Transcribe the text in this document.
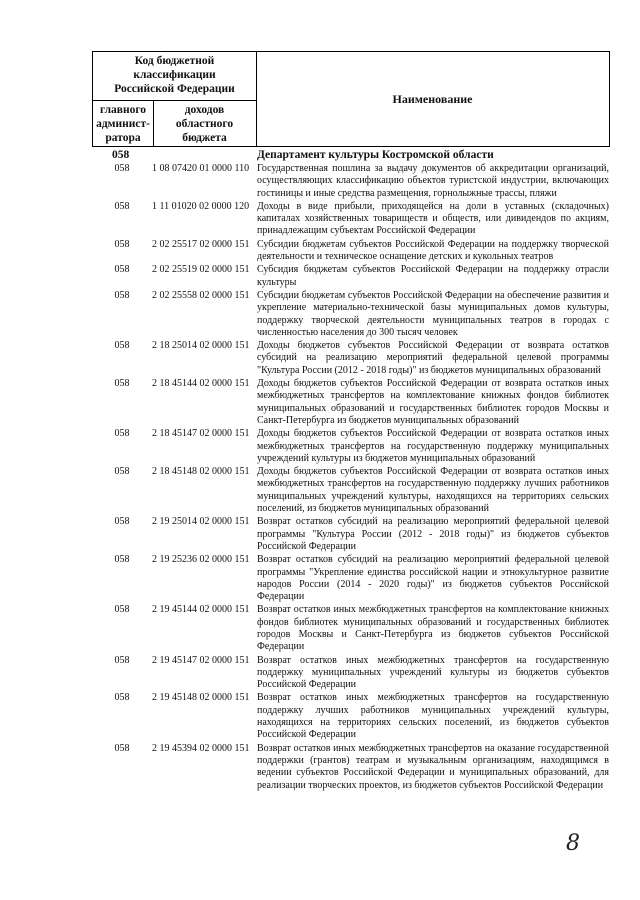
Код бюджетной
классификации
Российской Федерации
главного
админист-
ратора
доходов
областного
бюджета
Наименование
058	Департамент культуры Костромской области
058	1 08 07420 01 0000 110 Государственная пошлина за выдачу документов об аккредитации организаций, осуществляющих классификацию объектов туристской индустрии, включающих гостиницы и иные средства размещения, горнолыжные трассы, пляжи
058	1 11 01020 02 0000 120 Доходы в виде прибыли, приходящейся на доли в уставных (складочных) капиталах хозяйственных товариществ и обществ, или дивидендов по акциям, принадлежащим субъектам Российской Федерации
058	2 02 25517 02 0000 151 Субсидии бюджетам субъектов Российской Федерации на поддержку творческой деятельности и техническое оснащение детских и кукольных театров
058	2 02 25519 02 0000 151 Субсидия бюджетам субъектов Российской Федерации на поддержку отрасли культуры
058	2 02 25558 02 0000 151 Субсидии бюджетам субъектов Российской Федерации на обеспечение развития и укрепление материально-технической базы муниципальных домов культуры, поддержку творческой деятельности муниципальных театров в городах с численностью населения до 300 тысяч человек
058	2 18 25014 02 0000 151 Доходы бюджетов субъектов Российской Федерации от возврата остатков субсидий на реализацию мероприятий федеральной целевой программы "Культура России (2012 - 2018 годы)" из бюджетов муниципальных образований
058	2 18 45144 02 0000 151 Доходы бюджетов субъектов Российской Федерации от возврата остатков иных межбюджетных трансфертов на комплектование книжных фондов библиотек муниципальных образований и государственных библиотек городов Москвы и Санкт-Петербурга из бюджетов муниципальных образований
058	2 18 45147 02 0000 151 Доходы бюджетов субъектов Российской Федерации от возврата остатков иных межбюджетных трансфертов на государственную поддержку муниципальных учреждений культуры из бюджетов муниципальных образований
058	2 18 45148 02 0000 151 Доходы бюджетов субъектов Российской Федерации от возврата остатков иных межбюджетных трансфертов на государственную поддержку лучших работников муниципальных учреждений культуры, находящихся на территориях сельских поселений, из бюджетов муниципальных образований
058	2 19 25014 02 0000 151 Возврат остатков субсидий на реализацию мероприятий федеральной целевой программы "Культура России (2012 - 2018 годы)" из бюджетов субъектов Российской Федерации
058	2 19 25236 02 0000 151 Возврат остатков субсидий на реализацию мероприятий федеральной целевой программы "Укрепление единства российской нации и этнокультурное развитие народов России (2014 - 2020 годы)" из бюджетов субъектов Российской Федерации
058	2 19 45144 02 0000 151 Возврат остатков иных межбюджетных трансфертов на комплектование книжных фондов библиотек муниципальных образований и государственных библиотек городов Москвы и Санкт-Петербурга из бюджетов субъектов Российской Федерации
058	2 19 45147 02 0000 151 Возврат остатков иных межбюджетных трансфертов на государственную поддержку муниципальных учреждений культуры из бюджетов субъектов Российской Федерации
058	2 19 45148 02 0000 151 Возврат остатков иных межбюджетных трансфертов на государственную поддержку лучших работников муниципальных учреждений культуры, находящихся на территориях сельских поселений, из бюджетов субъектов Российской Федерации
058	2 19 45394 02 0000 151 Возврат остатков иных межбюджетных трансфертов на оказание государственной поддержки (грантов) театрам и музыкальным организациям, находящимся в ведении субъектов Российской Федерации и муниципальных образований, для реализации творческих проектов, из бюджетов субъектов Российской Федерации
8
